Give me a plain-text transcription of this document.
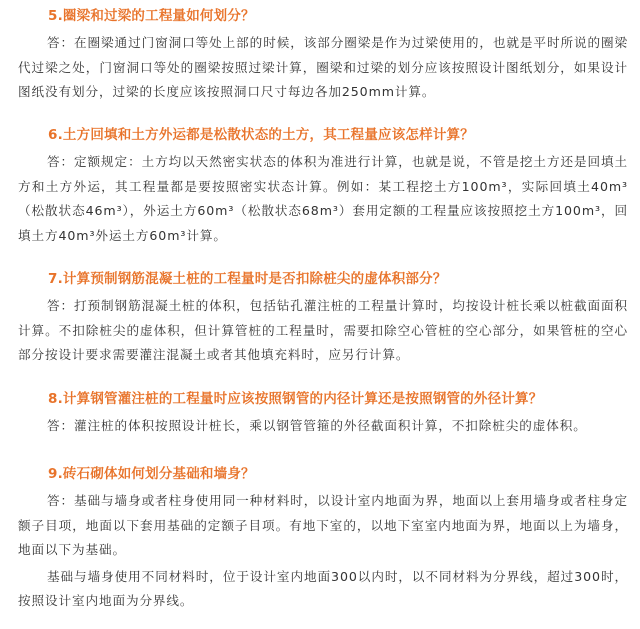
5.圈梁和过梁的工程量如何划分？

答：在圈梁通过门窗洞口等处上部的时候，该部分圈梁是作为过梁使用的，也就是平时所说的圈梁代过梁之处，门窗洞口等处的圈梁按照过梁计算，圈梁和过梁的划分应该按照设计图纸划分，如果设计图纸没有划分，过梁的长度应该按照洞口尺寸每边各加250mm计算。

6.土方回填和土方外运都是松散状态的土方，其工程量应该怎样计算？

答：定额规定：土方均以天然密实状态的体积为准进行计算，也就是说，不管是挖土方还是回填土方和土方外运，其工程量都是要按照密实状态计算。例如：某工程挖土方100m³，实际回填土40m³（松散状态46m³），外运土方60m³（松散状态68m³）套用定额的工程量应该按照挖土方100m³，回填土方40m³外运土方60m³计算。

7.计算预制钢筋混凝土桩的工程量时是否扣除桩尖的虚体积部分？

答：打预制钢筋混凝土桩的体积，包括钻孔灌注桩的工程量计算时，均按设计桩长乘以桩截面面积计算。不扣除桩尖的虚体积，但计算管桩的工程量时，需要扣除空心管桩的空心部分，如果管桩的空心部分按设计要求需要灌注混凝土或者其他填充料时，应另行计算。

8.计算钢管灌注桩的工程量时应该按照钢管的内径计算还是按照钢管的外径计算？

答：灌注桩的体积按照设计桩长，乘以钢管管箍的外径截面积计算，不扣除桩尖的虚体积。

9.砖石砌体如何划分基础和墙身？

答：基础与墙身或者柱身使用同一种材料时，以设计室内地面为界，地面以上套用墙身或者柱身定额子目项，地面以下套用基础的定额子目项。有地下室的，以地下室室内地面为界，地面以上为墙身，地面以下为基础。

基础与墙身使用不同材料时，位于设计室内地面300以内时，以不同材料为分界线，超过300时，按照设计室内地面为分界线。
